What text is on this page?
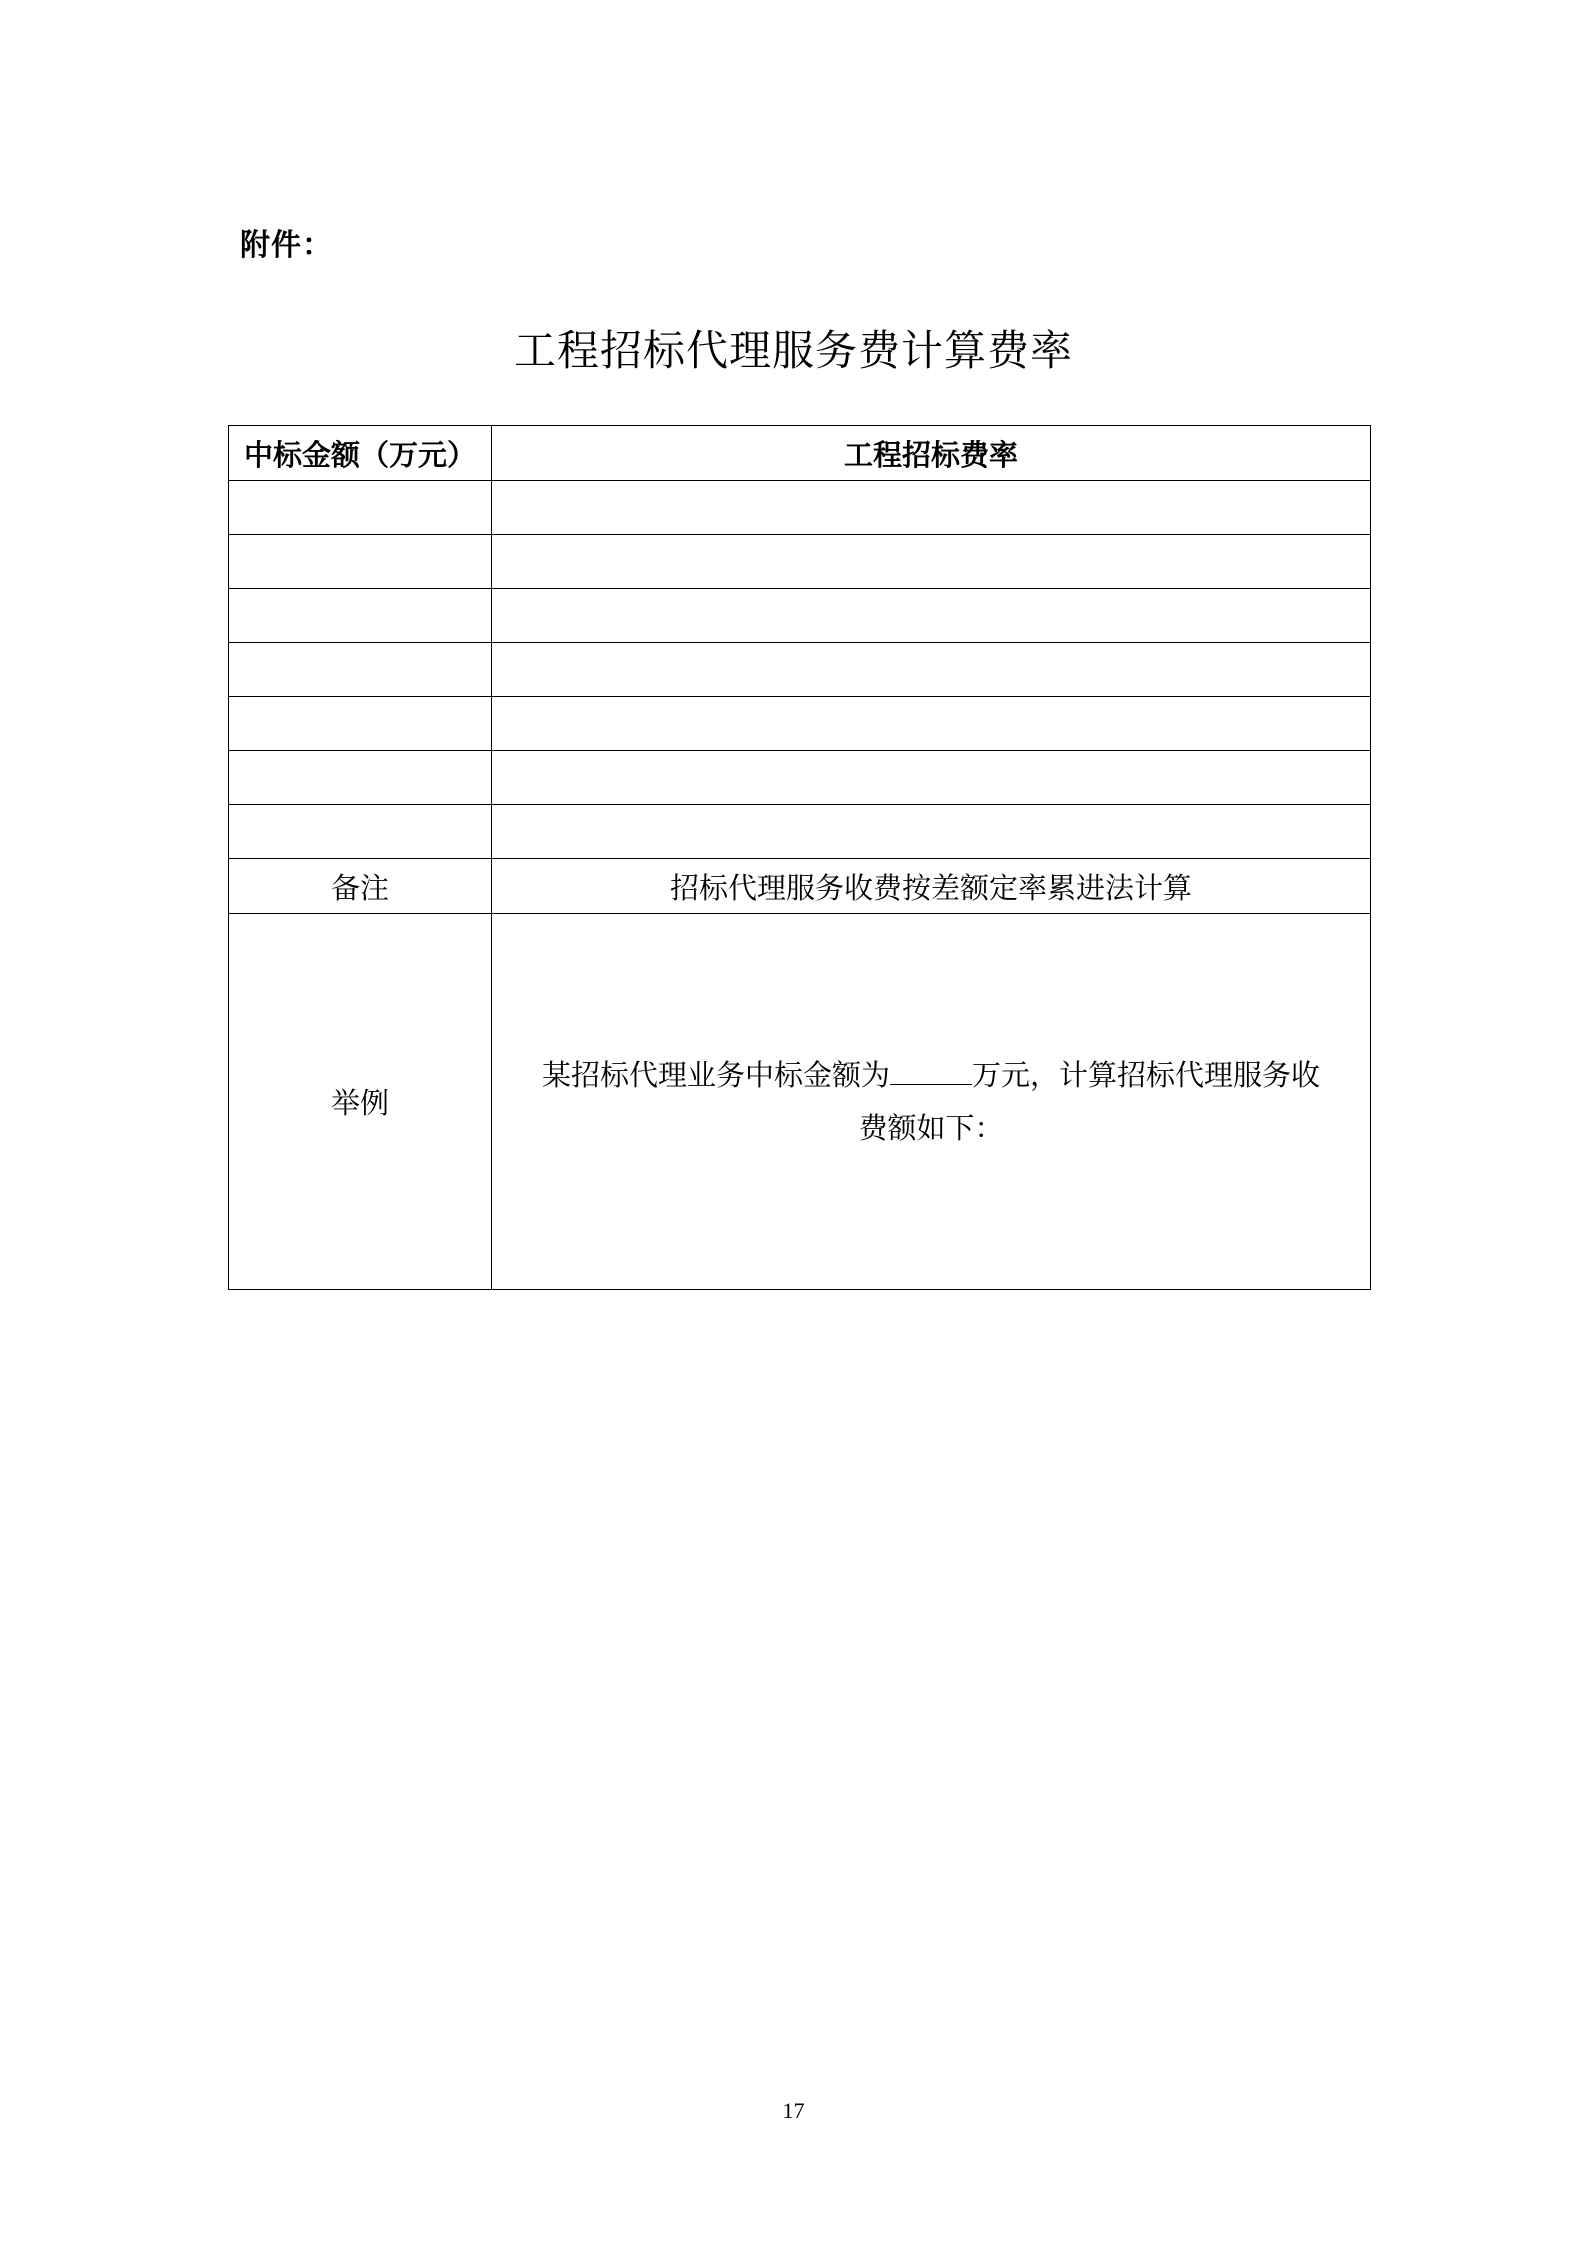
附件：
工程招标代理服务费计算费率
中标金额（万元）	工程招标费率

备注	招标代理服务收费按差额定率累进法计算
举例	某招标代理业务中标金额为 万元，计算招标代理服务收
费额如下：
17
